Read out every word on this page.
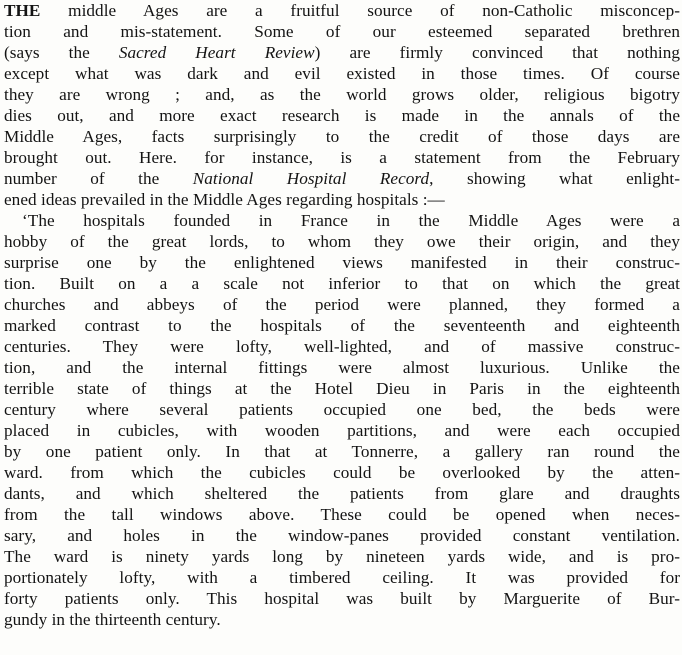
THE middle Ages are a fruitful source of non-Catholic misconcep-
tion and mis-statement. Some of our esteemed separated brethren
(says the Sacred Heart Review) are firmly convinced that nothing
except what was dark and evil existed in those times. Of course
they are wrong ; and, as the world grows older, religious bigotry
dies out, and more exact research is made in the annals of the
Middle Ages, facts surprisingly to the credit of those days are
brought out. Here. for instance, is a statement from the February
number of the National Hospital Record, showing what enlight-
ened ideas prevailed in the Middle Ages regarding hospitals :—
‘The hospitals founded in France in the Middle Ages were a
hobby of the great lords, to whom they owe their origin, and they
surprise one by the enlightened views manifested in their construc-
tion. Built on a a scale not inferior to that on which the great
churches and abbeys of the period were planned, they formed a
marked contrast to the hospitals of the seventeenth and eighteenth
centuries. They were lofty, well-lighted, and of massive construc-
tion, and the internal fittings were almost luxurious. Unlike the
terrible state of things at the Hotel Dieu in Paris in the eighteenth
century where several patients occupied one bed, the beds were
placed in cubicles, with wooden partitions, and were each occupied
by one patient only. In that at Tonnerre, a gallery ran round the
ward. from which the cubicles could be overlooked by the atten-
dants, and which sheltered the patients from glare and draughts
from the tall windows above. These could be opened when neces-
sary, and holes in the window-panes provided constant ventilation.
The ward is ninety yards long by nineteen yards wide, and is pro-
portionately lofty, with a timbered ceiling. It was provided for
forty patients only. This hospital was built by Marguerite of Bur-
gundy in the thirteenth century.
